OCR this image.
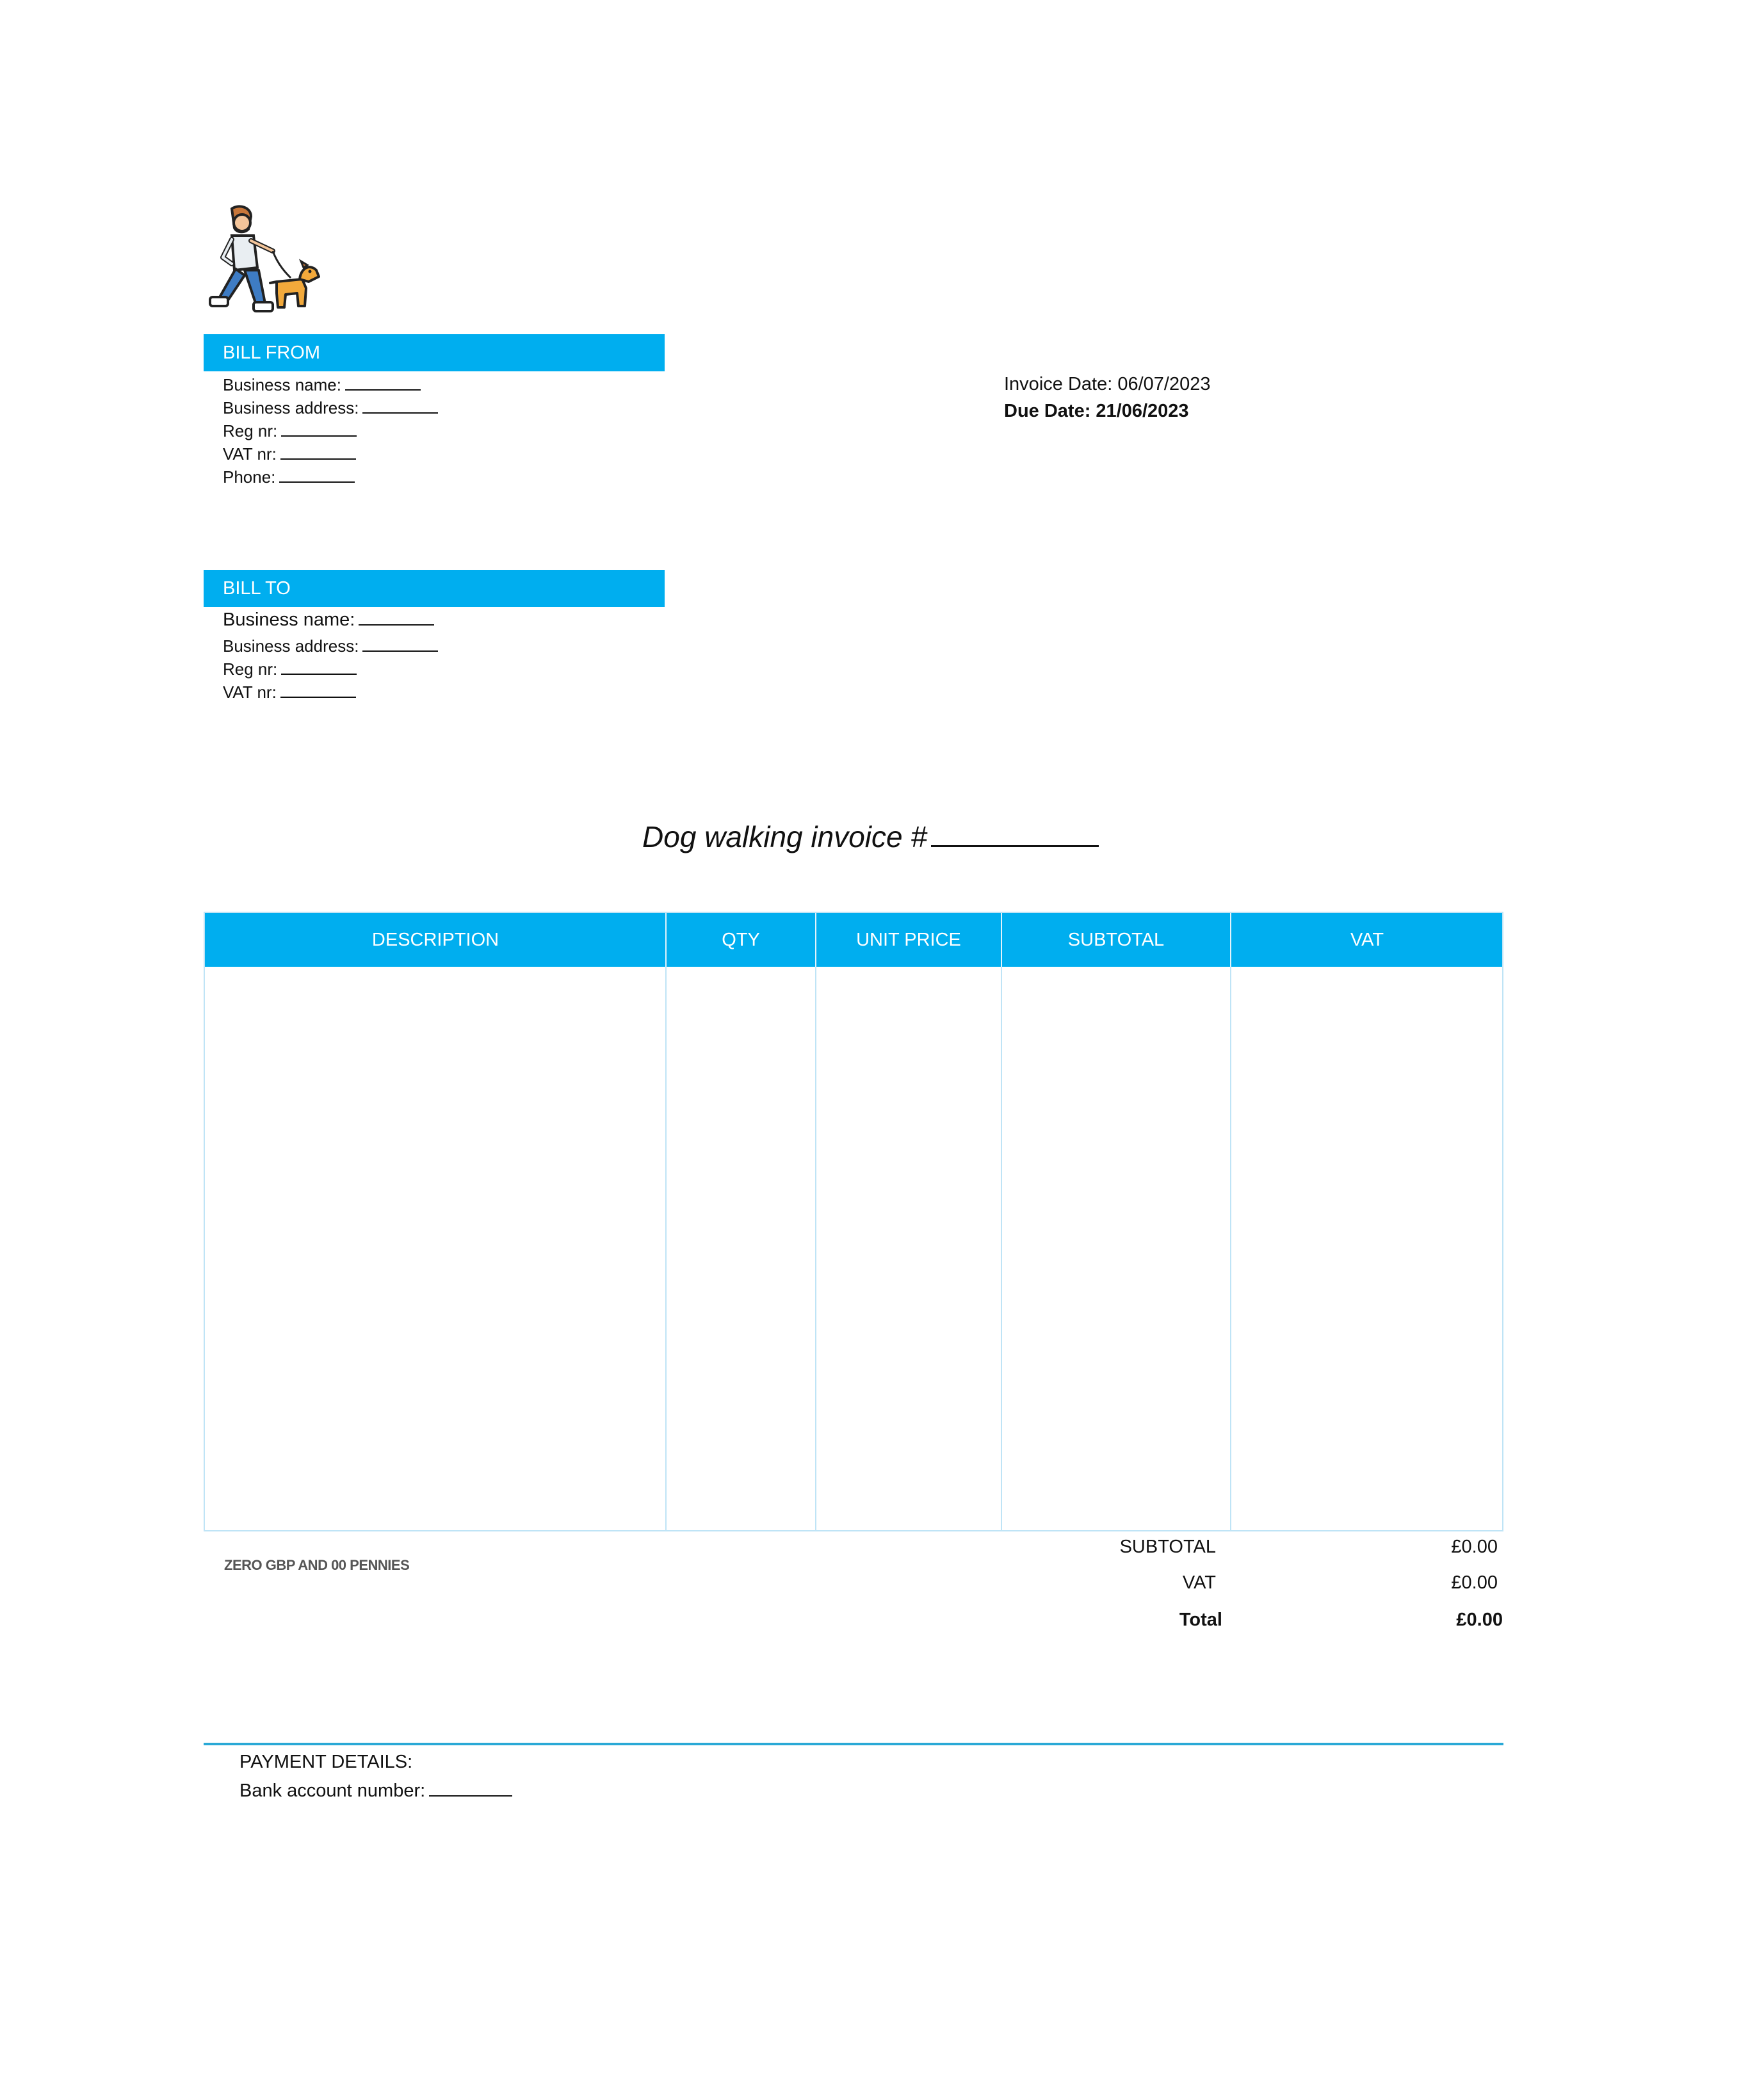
BILL FROM
Business name:
Business address:
Reg nr:
VAT nr:
Phone:
Invoice Date: 06/07/2023
Due Date: 21/06/2023
BILL TO
Business name:
Business address:
Reg nr:
VAT nr:
Dog walking invoice #
DESCRIPTION	QTY	UNIT PRICE	SUBTOTAL	VAT
ZERO GBP AND 00 PENNIES
SUBTOTAL	£0.00
VAT	£0.00
Total	£0.00
PAYMENT DETAILS:
Bank account number:
